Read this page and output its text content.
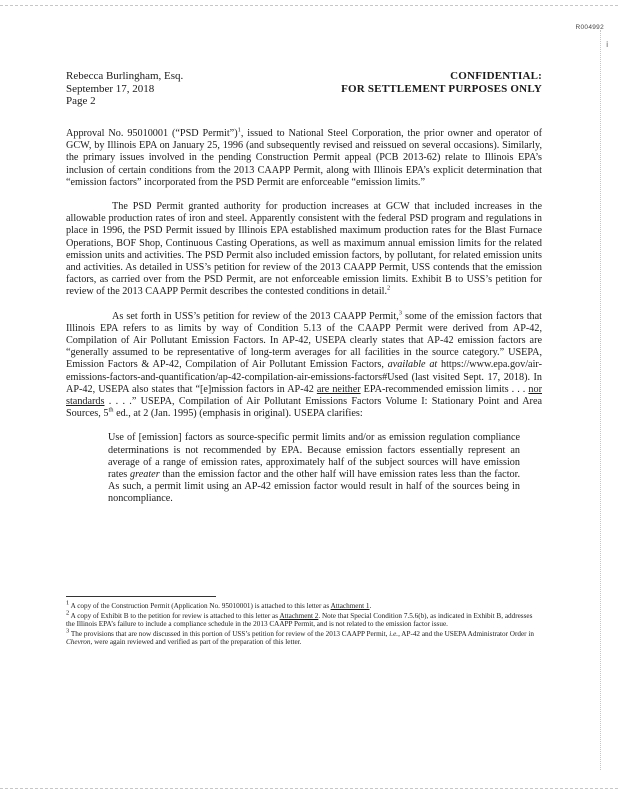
R004992
i
Rebecca Burlingham, Esq.
September 17, 2018
Page 2
CONFIDENTIAL:
FOR SETTLEMENT PURPOSES ONLY

Approval No. 95010001 (“PSD Permit”)$^1$, issued to National Steel Corporation, the prior owner and operator of GCW, by Illinois EPA on January 25, 1996 (and subsequently revised and reissued on several occasions). Similarly, the primary issues involved in the pending Construction Permit appeal (PCB 2013-62) relate to Illinois EPA’s inclusion of certain conditions from the 2013 CAAPP Permit, along with Illinois EPA’s explicit determination that “emission factors” incorporated from the PSD Permit are enforceable “emission limits.”

The PSD Permit granted authority for production increases at GCW that included increases in the allowable production rates of iron and steel. Apparently consistent with the federal PSD program and regulations in place in 1996, the PSD Permit issued by Illinois EPA established maximum production rates for the Blast Furnace Operations, BOF Shop, Continuous Casting Operations, as well as maximum annual emission limits for the related emission units and activities. The PSD Permit also included emission factors, by pollutant, for related emission units and activities. As detailed in USS’s petition for review of the 2013 CAAPP Permit, USS contends that the emission factors, as carried over from the PSD Permit, are not enforceable emission limits. Exhibit B to USS’s petition for review of the 2013 CAAPP Permit describes the contested conditions in detail.$^2$

As set forth in USS’s petition for review of the 2013 CAAPP Permit,$^3$ some of the emission factors that Illinois EPA refers to as limits by way of Condition 5.13 of the CAAPP Permit were derived from AP-42, Compilation of Air Pollutant Emission Factors. In AP-42, USEPA clearly states that AP-42 emission factors are “generally assumed to be representative of long-term averages for all facilities in the source category.” USEPA, Emission Factors & AP-42, Compilation of Air Pollutant Emission Factors, available at https://www.epa.gov/air-emissions-factors-and-quantification/ap-42-compilation-air-emissions-factors#Used (last visited Sept. 17, 2018). In AP-42, USEPA also states that “[e]mission factors in AP-42 are neither EPA-recommended emission limits . . . nor standards . . . .” USEPA, Compilation of Air Pollutant Emissions Factors Volume I: Stationary Point and Area Sources, 5th ed., at 2 (Jan. 1995) (emphasis in original). USEPA clarifies:

Use of [emission] factors as source-specific permit limits and/or as emission regulation compliance determinations is not recommended by EPA. Because emission factors essentially represent an average of a range of emission rates, approximately half of the subject sources will have emission rates greater than the emission factor and the other half will have emission rates less than the factor. As such, a permit limit using an AP-42 emission factor would result in half of the sources being in noncompliance.

$^1$ A copy of the Construction Permit (Application No. 95010001) is attached to this letter as Attachment 1.

$^2$ A copy of Exhibit B to the petition for review is attached to this letter as Attachment 2. Note that Special Condition 7.5.6(b), as indicated in Exhibit B, addresses the Illinois EPA’s failure to include a compliance schedule in the 2013 CAAPP Permit, and is not related to the emission factor issue.

$^3$ The provisions that are now discussed in this portion of USS’s petition for review of the 2013 CAAPP Permit, i.e., AP-42 and the USEPA Administrator Order in Chevron, were again reviewed and verified as part of the preparation of this letter.
